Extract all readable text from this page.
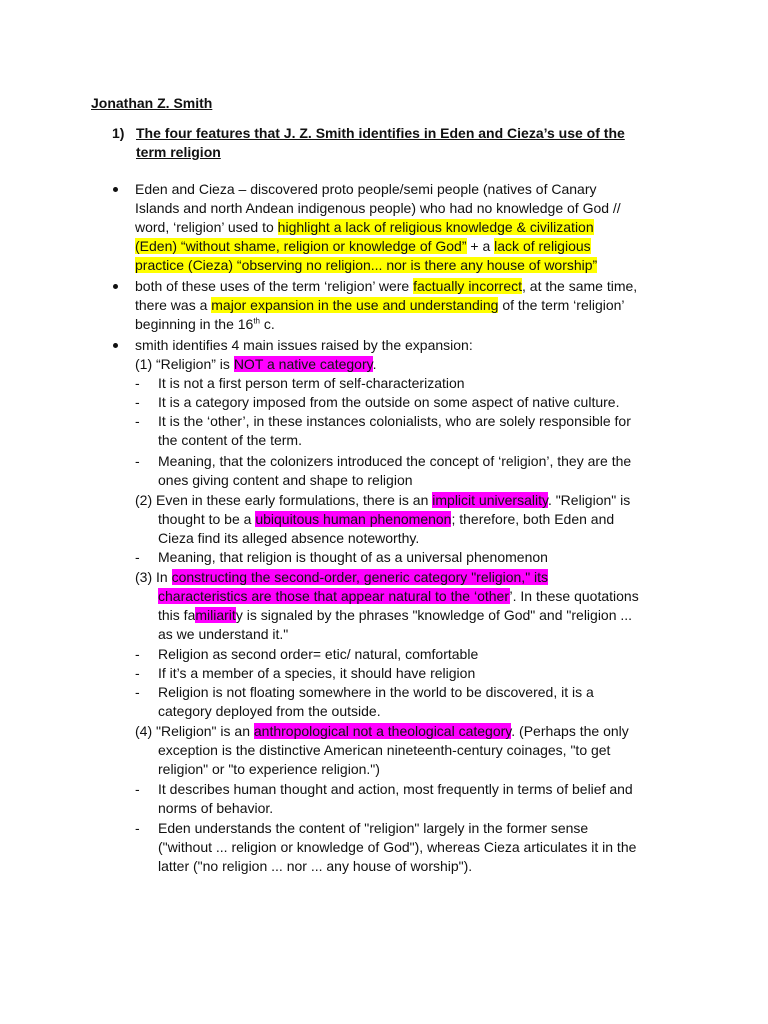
Jonathan Z. Smith
1) The four features that J. Z. Smith identifies in Eden and Cieza’s use of the
term religion
Eden and Cieza – discovered proto people/semi people (natives of Canary
Islands and north Andean indigenous people) who had no knowledge of God //
word, ‘religion’ used to highlight a lack of religious knowledge & civilization
(Eden) “without shame, religion or knowledge of God” + a lack of religious
practice (Cieza) “observing no religion... nor is there any house of worship”
both of these uses of the term ‘religion’ were factually incorrect, at the same time,
there was a major expansion in the use and understanding of the term ‘religion’
beginning in the 16th c.
smith identifies 4 main issues raised by the expansion:
(1) “Religion” is NOT a native category.
- It is not a first person term of self-characterization
- It is a category imposed from the outside on some aspect of native culture.
- It is the ‘other’, in these instances colonialists, who are solely responsible for
the content of the term.
- Meaning, that the colonizers introduced the concept of ‘religion’, they are the
ones giving content and shape to religion
(2) Even in these early formulations, there is an implicit universality. "Religion" is
thought to be a ubiquitous human phenomenon; therefore, both Eden and
Cieza find its alleged absence noteworthy.
- Meaning, that religion is thought of as a universal phenomenon
(3) In constructing the second-order, generic category "religion," its
characteristics are those that appear natural to the ‘other’. In these quotations
this familiarity is signaled by the phrases "knowledge of God" and "religion ...
as we understand it."
- Religion as second order= etic/ natural, comfortable
- If it’s a member of a species, it should have religion
- Religion is not floating somewhere in the world to be discovered, it is a
category deployed from the outside.
(4) "Religion" is an anthropological not a theological category. (Perhaps the only
exception is the distinctive American nineteenth-century coinages, "to get
religion" or "to experience religion.")
- It describes human thought and action, most frequently in terms of belief and
norms of behavior.
- Eden understands the content of "religion" largely in the former sense
("without ... religion or knowledge of God"), whereas Cieza articulates it in the
latter ("no religion ... nor ... any house of worship").
